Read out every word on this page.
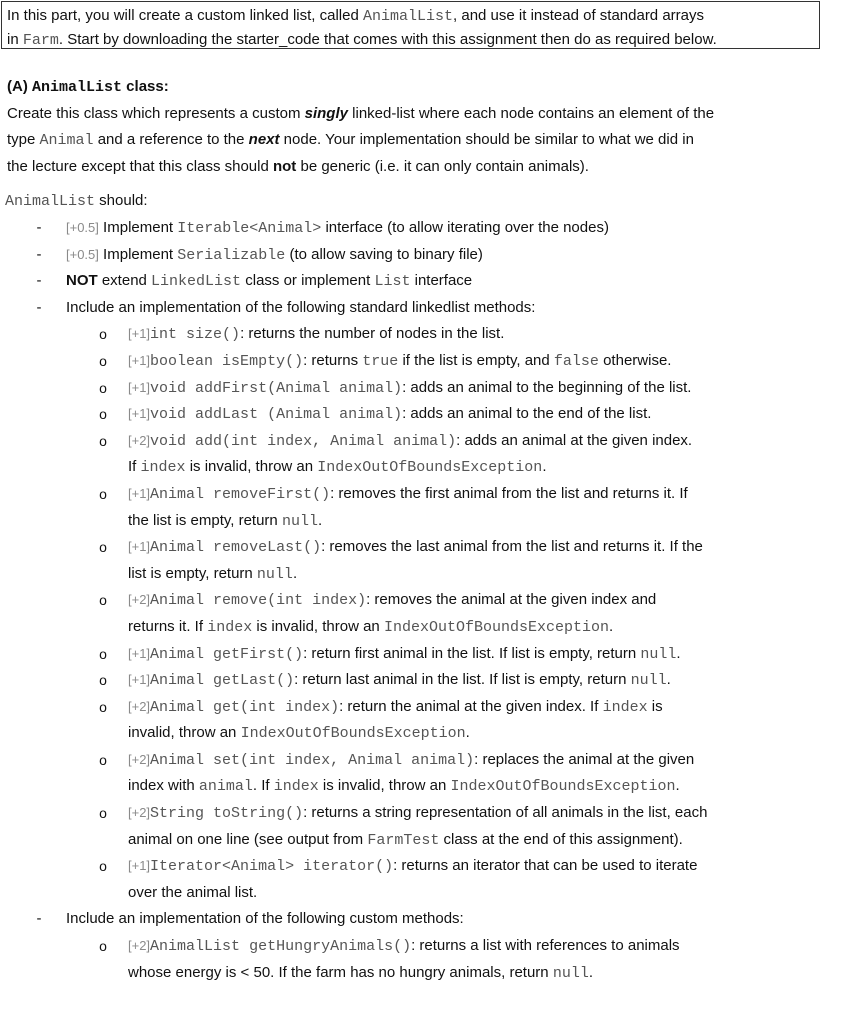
In this part, you will create a custom linked list, called AnimalList, and use it instead of standard arrays
in Farm. Start by downloading the starter_code that comes with this assignment then do as required below.
(A) AnimalList class:
Create this class which represents a custom singly linked-list where each node contains an element of the
type Animal and a reference to the next node. Your implementation should be similar to what we did in
the lecture except that this class should not be generic (i.e. it can only contain animals).
AnimalList should:
- [+0.5] Implement Iterable<Animal> interface (to allow iterating over the nodes)
- [+0.5] Implement Serializable (to allow saving to binary file)
- NOT extend LinkedList class or implement List interface
- Include an implementation of the following standard linkedlist methods:
o [+1]int size(): returns the number of nodes in the list.
o [+1]boolean isEmpty(): returns true if the list is empty, and false otherwise.
o [+1]void addFirst(Animal animal): adds an animal to the beginning of the list.
o [+1]void addLast (Animal animal): adds an animal to the end of the list.
o [+2]void add(int index, Animal animal): adds an animal at the given index.
If index is invalid, throw an IndexOutOfBoundsException.
o [+1]Animal removeFirst(): removes the first animal from the list and returns it. If
the list is empty, return null.
o [+1]Animal removeLast(): removes the last animal from the list and returns it. If the
list is empty, return null.
o [+2]Animal remove(int index): removes the animal at the given index and
returns it. If index is invalid, throw an IndexOutOfBoundsException.
o [+1]Animal getFirst(): return first animal in the list. If list is empty, return null.
o [+1]Animal getLast(): return last animal in the list. If list is empty, return null.
o [+2]Animal get(int index): return the animal at the given index. If index is
invalid, throw an IndexOutOfBoundsException.
o [+2]Animal set(int index, Animal animal): replaces the animal at the given
index with animal. If index is invalid, throw an IndexOutOfBoundsException.
o [+2]String toString(): returns a string representation of all animals in the list, each
animal on one line (see output from FarmTest class at the end of this assignment).
o [+1]Iterator<Animal> iterator(): returns an iterator that can be used to iterate
over the animal list.
- Include an implementation of the following custom methods:
o [+2]AnimalList getHungryAnimals(): returns a list with references to animals
whose energy is < 50. If the farm has no hungry animals, return null.
